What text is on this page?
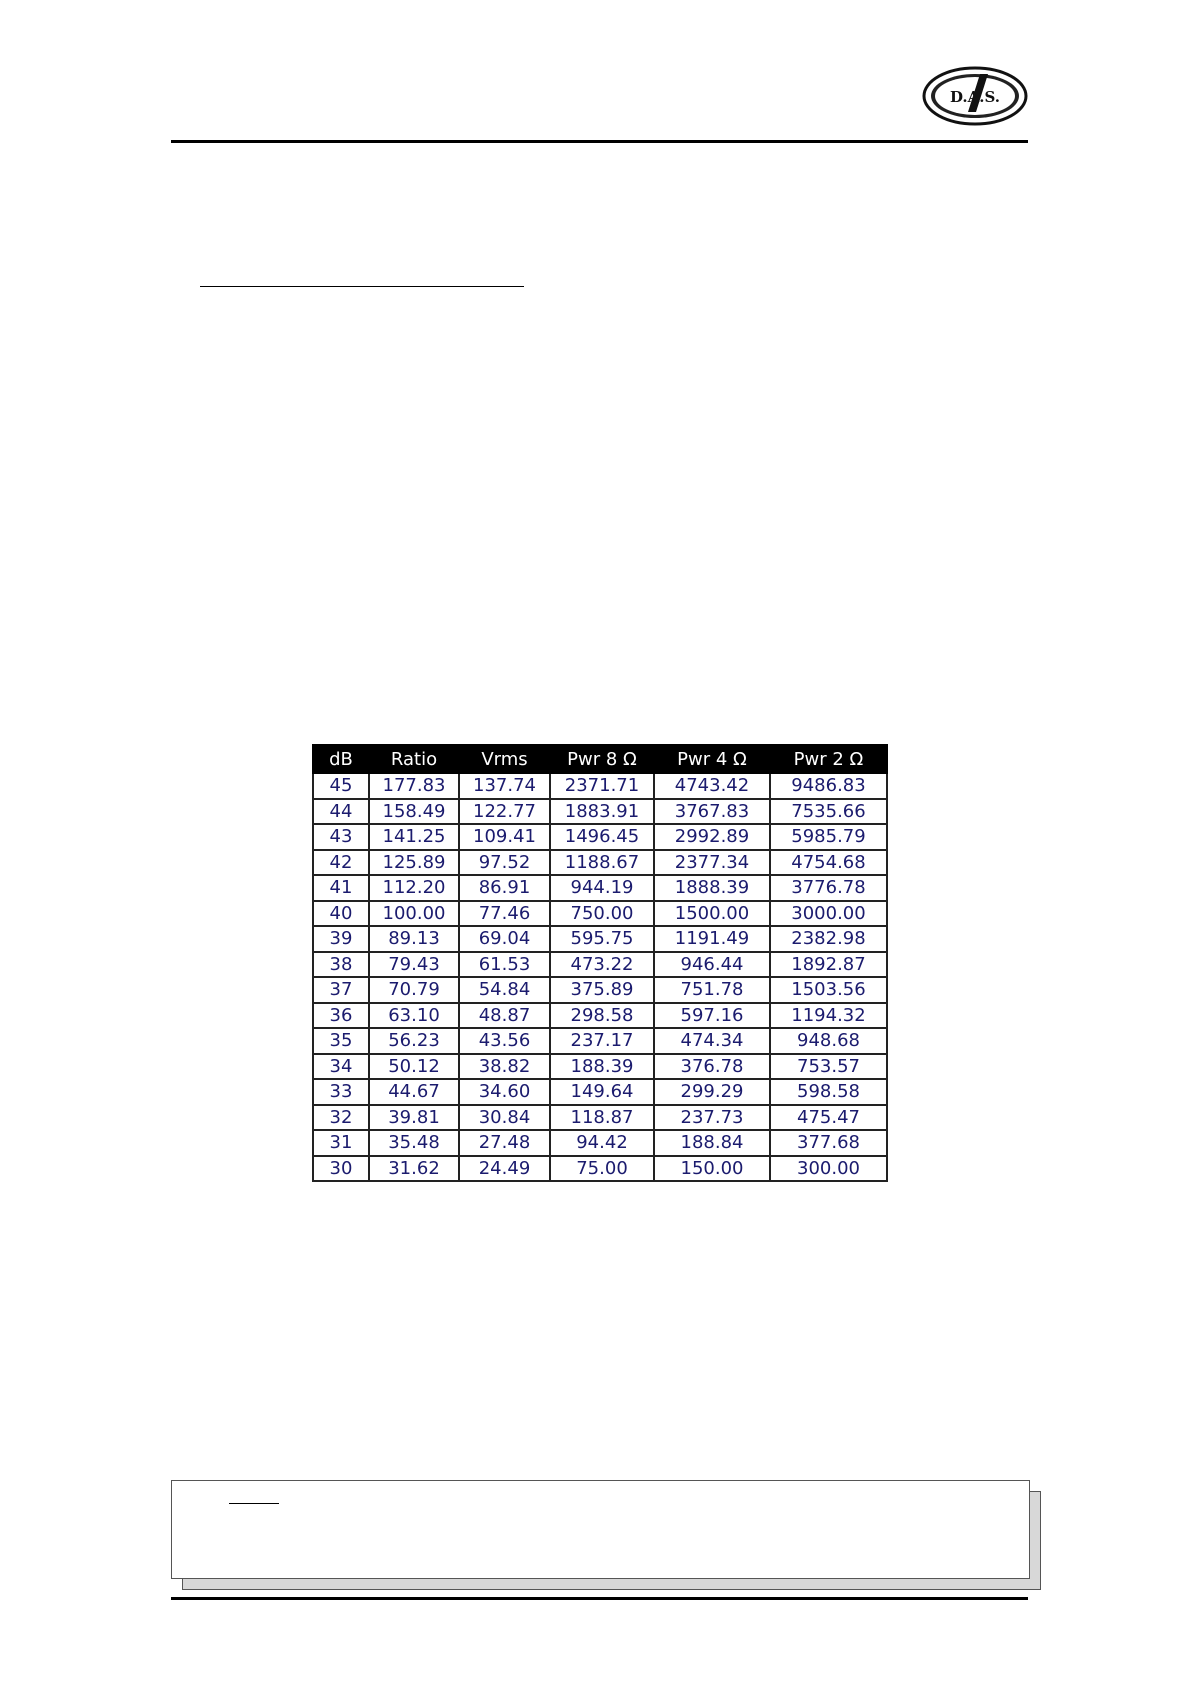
D.A.S.
dB	Ratio	Vrms	Pwr 8 Ω	Pwr 4 Ω	Pwr 2 Ω
45	177.83	137.74	2371.71	4743.42	9486.83
44	158.49	122.77	1883.91	3767.83	7535.66
43	141.25	109.41	1496.45	2992.89	5985.79
42	125.89	97.52	1188.67	2377.34	4754.68
41	112.20	86.91	944.19	1888.39	3776.78
40	100.00	77.46	750.00	1500.00	3000.00
39	89.13	69.04	595.75	1191.49	2382.98
38	79.43	61.53	473.22	946.44	1892.87
37	70.79	54.84	375.89	751.78	1503.56
36	63.10	48.87	298.58	597.16	1194.32
35	56.23	43.56	237.17	474.34	948.68
34	50.12	38.82	188.39	376.78	753.57
33	44.67	34.60	149.64	299.29	598.58
32	39.81	30.84	118.87	237.73	475.47
31	35.48	27.48	94.42	188.84	377.68
30	31.62	24.49	75.00	150.00	300.00
